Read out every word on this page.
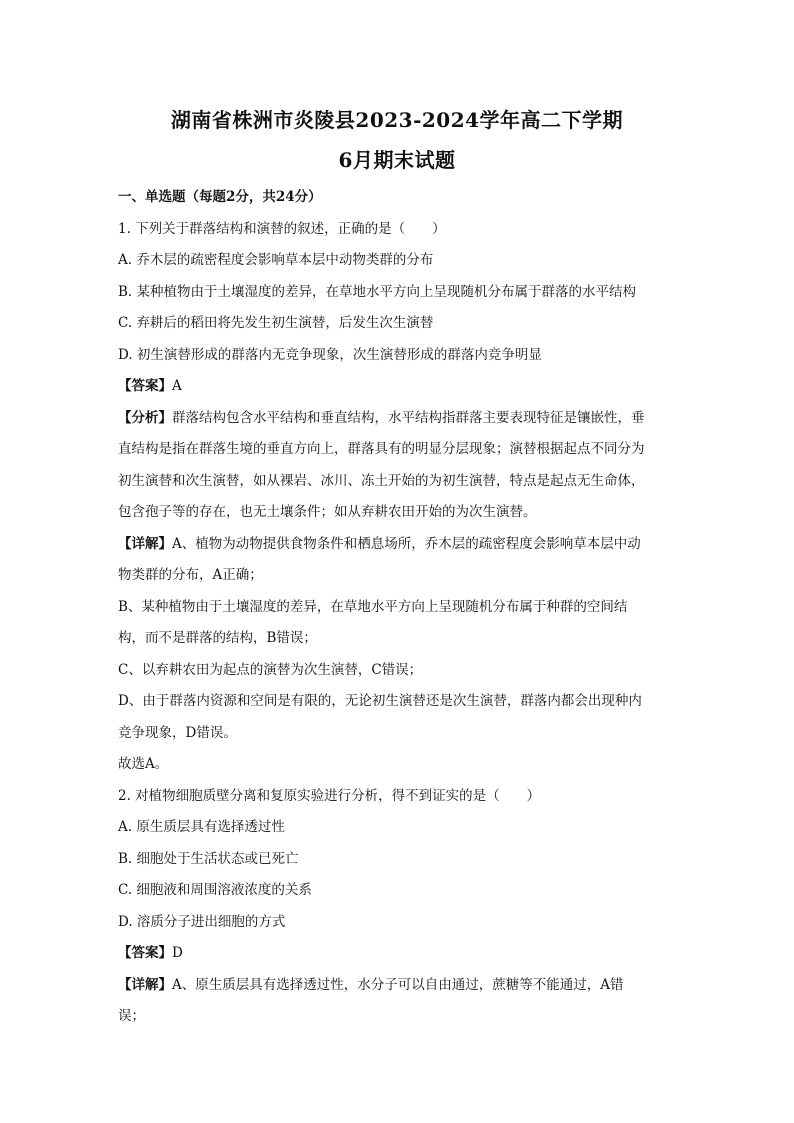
湖南省株洲市炎陵县2023-2024学年高二下学期
6月期末试题

一、单选题（每题2分，共24分）

1. 下列关于群落结构和演替的叙述，正确的是（　　）

A. 乔木层的疏密程度会影响草本层中动物类群的分布

B. 某种植物由于土壤湿度的差异，在草地水平方向上呈现随机分布属于群落的水平结构

C. 弃耕后的稻田将先发生初生演替，后发生次生演替

D. 初生演替形成的群落内无竞争现象，次生演替形成的群落内竞争明显

【答案】A

【分析】群落结构包含水平结构和垂直结构，水平结构指群落主要表现特征是镶嵌性，垂

直结构是指在群落生境的垂直方向上，群落具有的明显分层现象；演替根据起点不同分为

初生演替和次生演替，如从裸岩、冰川、冻土开始的为初生演替，特点是起点无生命体，

包含孢子等的存在，也无土壤条件；如从弃耕农田开始的为次生演替。

【详解】A、植物为动物提供食物条件和栖息场所，乔木层的疏密程度会影响草本层中动

物类群的分布，A正确；

B、某种植物由于土壤湿度的差异，在草地水平方向上呈现随机分布属于种群的空间结

构，而不是群落的结构，B错误；

C、以弃耕农田为起点的演替为次生演替，C错误；

D、由于群落内资源和空间是有限的，无论初生演替还是次生演替，群落内都会出现种内

竞争现象，D错误。

故选A。

2. 对植物细胞质壁分离和复原实验进行分析，得不到证实的是（　　）

A. 原生质层具有选择透过性

B. 细胞处于生活状态或已死亡

C. 细胞液和周围溶液浓度的关系

D. 溶质分子进出细胞的方式

【答案】D

【详解】A、原生质层具有选择透过性，水分子可以自由通过，蔗糖等不能通过，A错

误；
